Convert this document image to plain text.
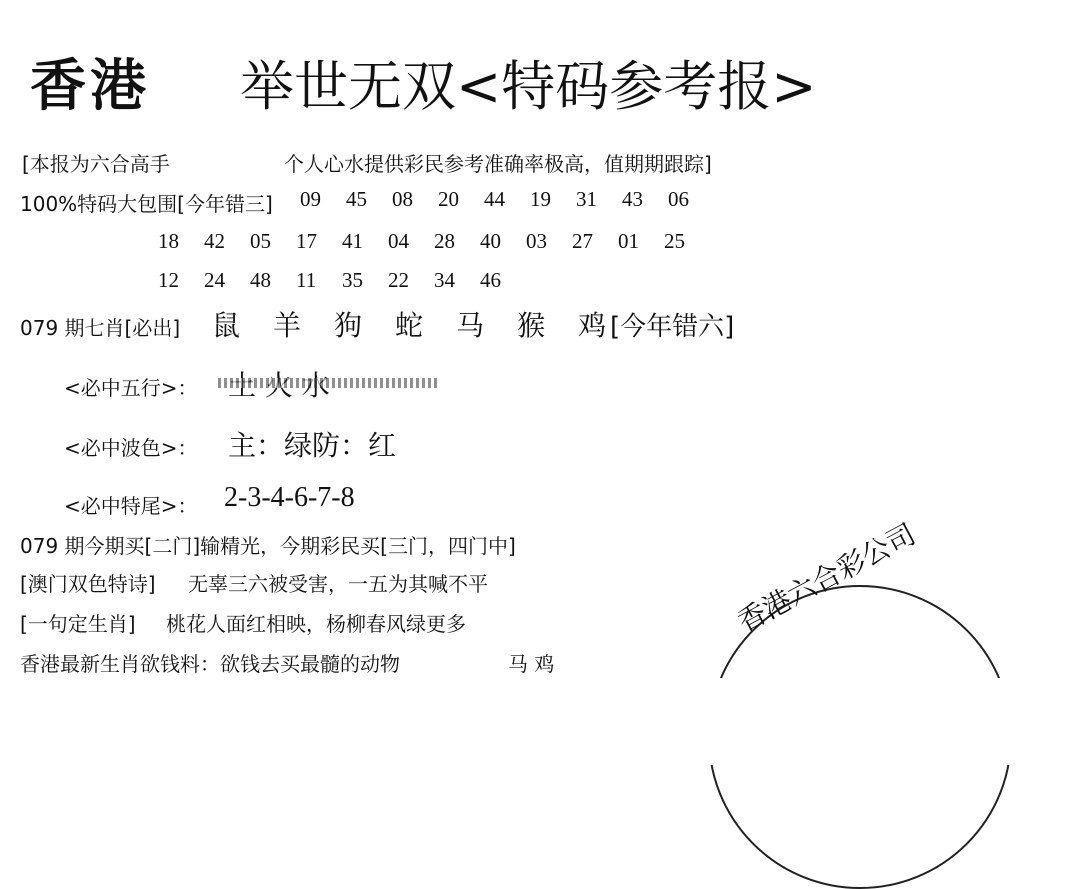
香港 举世无双<特码参考报>
[本报为六合高手	个人心水提供彩民参考准确率极高，值期期跟踪]
100%特码大包围[今年错三] 09 45 08 20 44 19 31 43 06
18 42 05 17 41 04 28 40 03 27 01 25
12 24 48 11 35 22 34 46
079 期七肖[必出] 鼠 羊 狗 蛇 马 猴 鸡 [今年错六]
<必中五行>：
<必中波色>： 主：绿防：红
<必中特尾>： 2-3-4-6-7-8
079 期今期买[二门]输精光，今期彩民买[三门，四门中]
[澳门双色特诗] 无辜三六被受害，一五为其喊不平
[一句定生肖] 桃花人面红相映，杨柳春风绿更多
香港最新生肖欲钱料：欲钱去买最髓的动物	马 鸡
香港六合彩公司
